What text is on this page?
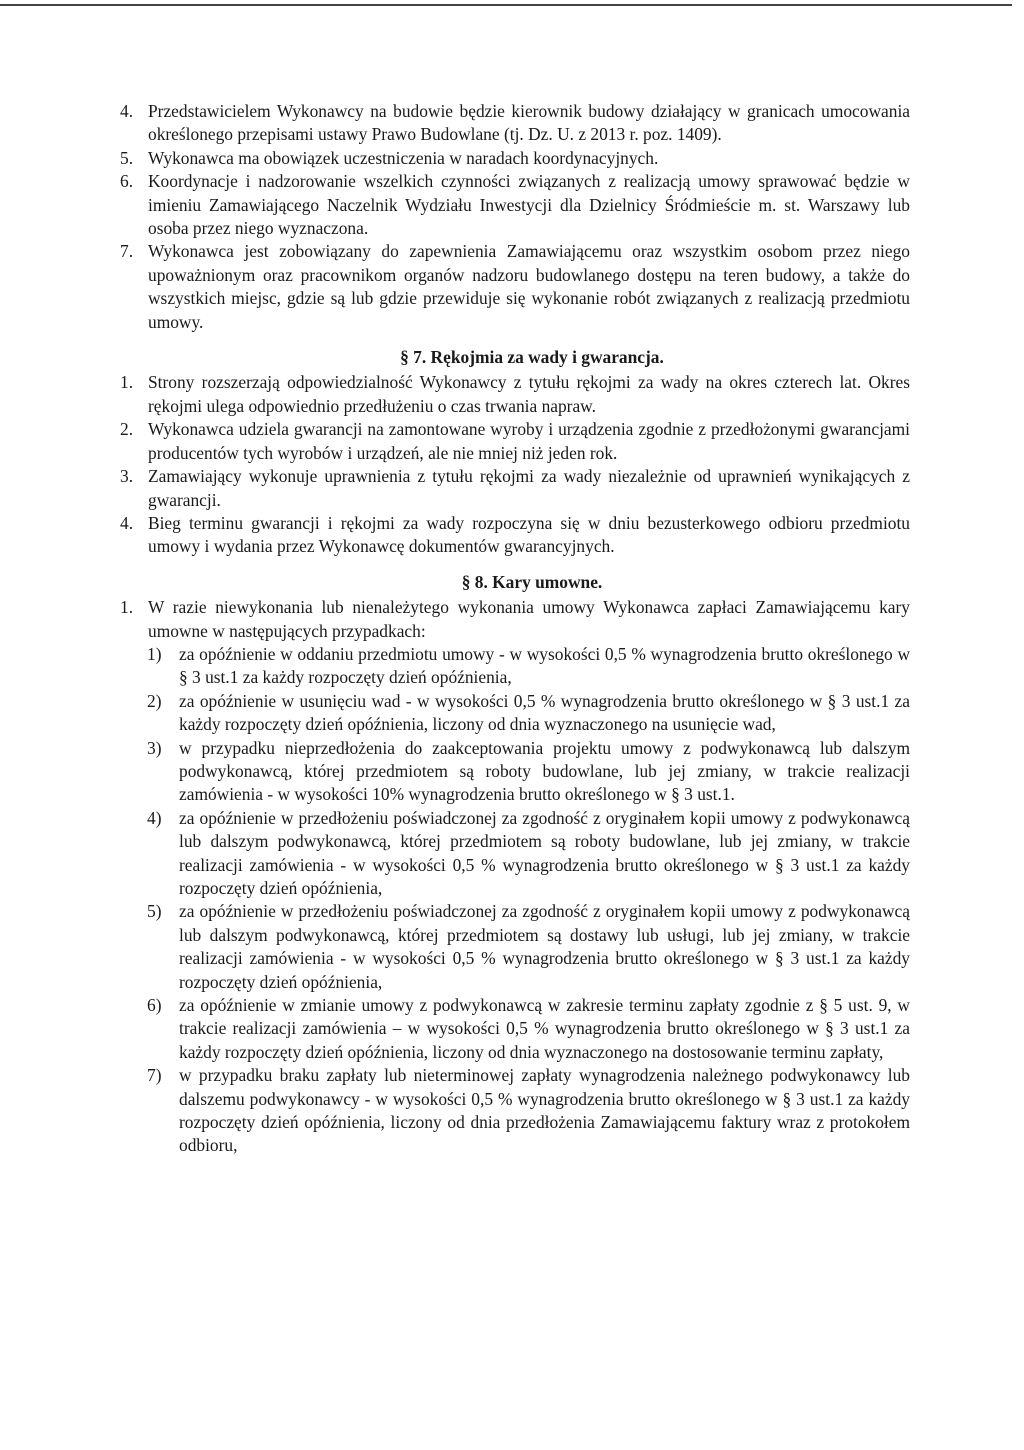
4. Przedstawicielem Wykonawcy na budowie będzie kierownik budowy działający w granicach umocowania określonego przepisami ustawy Prawo Budowlane (tj. Dz. U. z 2013 r. poz. 1409).
5. Wykonawca ma obowiązek uczestniczenia w naradach koordynacyjnych.
6. Koordynacje i nadzorowanie wszelkich czynności związanych z realizacją umowy sprawować będzie w imieniu Zamawiającego Naczelnik Wydziału Inwestycji dla Dzielnicy Śródmieście m. st. Warszawy lub osoba przez niego wyznaczona.
7. Wykonawca jest zobowiązany do zapewnienia Zamawiającemu oraz wszystkim osobom przez niego upoważnionym oraz pracownikom organów nadzoru budowlanego dostępu na teren budowy, a także do wszystkich miejsc, gdzie są lub gdzie przewiduje się wykonanie robót związanych z realizacją przedmiotu umowy.
§ 7. Rękojmia za wady i gwarancja.
1. Strony rozszerzają odpowiedzialność Wykonawcy z tytułu rękojmi za wady na okres czterech lat. Okres rękojmi ulega odpowiednio przedłużeniu o czas trwania napraw.
2. Wykonawca udziela gwarancji na zamontowane wyroby i urządzenia zgodnie z przedłożonymi gwarancjami producentów tych wyrobów i urządzeń, ale nie mniej niż jeden rok.
3. Zamawiający wykonuje uprawnienia z tytułu rękojmi za wady niezależnie od uprawnień wynikających z gwarancji.
4. Bieg terminu gwarancji i rękojmi za wady rozpoczyna się w dniu bezusterkowego odbioru przedmiotu umowy i wydania przez Wykonawcę dokumentów gwarancyjnych.
§ 8. Kary umowne.
1. W razie niewykonania lub nienależytego wykonania umowy Wykonawca zapłaci Zamawiającemu kary umowne w następujących przypadkach:
1) za opóźnienie w oddaniu przedmiotu umowy - w wysokości 0,5 % wynagrodzenia brutto określonego w § 3 ust.1 za każdy rozpoczęty dzień opóźnienia,
2) za opóźnienie w usunięciu wad - w wysokości 0,5 % wynagrodzenia brutto określonego w § 3 ust.1 za każdy rozpoczęty dzień opóźnienia, liczony od dnia wyznaczonego na usunięcie wad,
3) w przypadku nieprzedłożenia do zaakceptowania projektu umowy z podwykonawcą lub dalszym podwykonawcą, której przedmiotem są roboty budowlane, lub jej zmiany, w trakcie realizacji zamówienia - w wysokości 10% wynagrodzenia brutto określonego w § 3 ust.1.
4) za opóźnienie w przedłożeniu poświadczonej za zgodność z oryginałem kopii umowy z podwykonawcą lub dalszym podwykonawcą, której przedmiotem są roboty budowlane, lub jej zmiany, w trakcie realizacji zamówienia - w wysokości 0,5 % wynagrodzenia brutto określonego w § 3 ust.1 za każdy rozpoczęty dzień opóźnienia,
5) za opóźnienie w przedłożeniu poświadczonej za zgodność z oryginałem kopii umowy z podwykonawcą lub dalszym podwykonawcą, której przedmiotem są dostawy lub usługi, lub jej zmiany, w trakcie realizacji zamówienia - w wysokości 0,5 % wynagrodzenia brutto określonego w § 3 ust.1 za każdy rozpoczęty dzień opóźnienia,
6) za opóźnienie w zmianie umowy z podwykonawcą w zakresie terminu zapłaty zgodnie z § 5 ust. 9, w trakcie realizacji zamówienia – w wysokości 0,5 % wynagrodzenia brutto określonego w § 3 ust.1 za każdy rozpoczęty dzień opóźnienia, liczony od dnia wyznaczonego na dostosowanie terminu zapłaty,
7) w przypadku braku zapłaty lub nieterminowej zapłaty wynagrodzenia należnego podwykonawcy lub dalszemu podwykonawcy - w wysokości 0,5 % wynagrodzenia brutto określonego w § 3 ust.1 za każdy rozpoczęty dzień opóźnienia, liczony od dnia przedłożenia Zamawiającemu faktury wraz z protokołem odbioru,
